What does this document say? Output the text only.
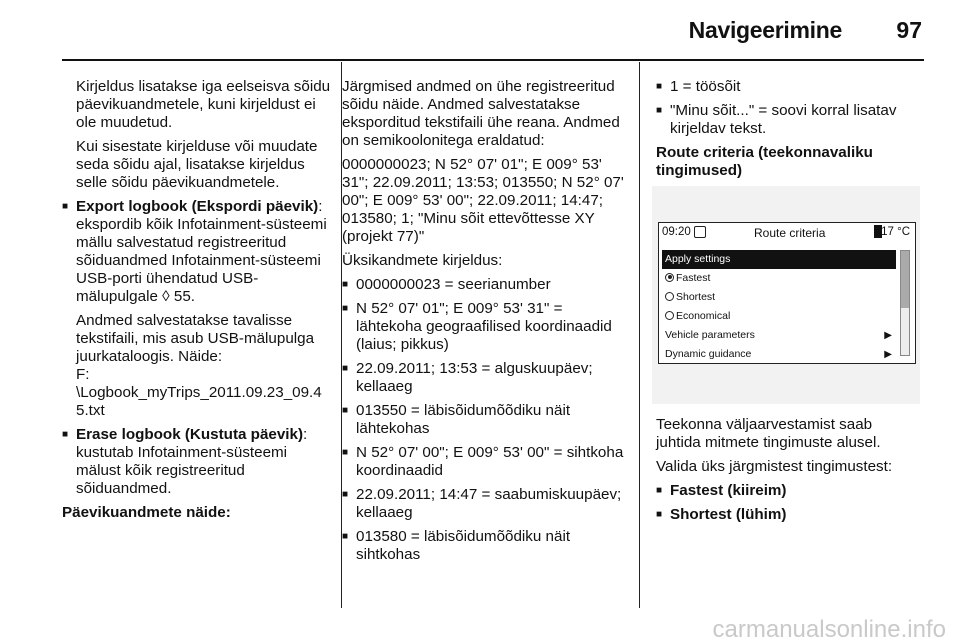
Navigeerimine 97

Kirjeldus lisatakse iga eelseisva sõidu päevikuandmetele, kuni kirjeldust ei ole muudetud.

Kui sisestate kirjelduse või muudate seda sõidu ajal, lisatakse kirjeldus selle sõidu päevikuandmetele.

■ Export logbook (Ekspordi päevik): ekspordib kõik Infotainment-süsteemi mällu salvestatud registreeritud sõiduandmed Infotainment-süsteemi USB-porti ühendatud USB-mälupulgale ◊ 55.

Andmed salvestatakse tavalisse tekstifaili, mis asub USB-mälupulga juurkataloogis. Näide:
F:
\Logbook_myTrips_2011.09.23_09.45.txt

■ Erase logbook (Kustuta päevik): kustutab Infotainment-süsteemi mälust kõik registreeritud sõiduandmed.

Päevikuandmete näide:

Järgmised andmed on ühe registreeritud sõidu näide. Andmed salvestatakse eksporditud tekstifaili ühe reana. Andmed on semikoolonitega eraldatud:

0000000023; N 52° 07' 01"; E 009° 53' 31"; 22.09.2011; 13:53; 013550; N 52° 07' 00"; E 009° 53' 00"; 22.09.2011; 14:47; 013580; 1; "Minu sõit ettevõttesse XY (projekt 77)"

Üksikandmete kirjeldus:

■ 0000000023 = seerianumber
■ N 52° 07' 01"; E 009° 53' 31" = lähtekoha geograafilised koordinaadid (laius; pikkus)
■ 22.09.2011; 13:53 = alguskuupäev; kellaaeg
■ 013550 = läbisõidumõõdiku näit lähtekohas
■ N 52° 07' 00"; E 009° 53' 00" = sihtkoha koordinaadid
■ 22.09.2011; 14:47 = saabumiskuupäev; kellaaeg
■ 013580 = läbisõidumõõdiku näit sihtkohas
■ 1 = töösõit
■ "Minu sõit..." = soovi korral lisatav kirjeldav tekst.

Route criteria (teekonnavaliku tingimused)

09:20	Route criteria	17 °C
Apply settings
Fastest
Shortest
Economical
Vehicle parameters	▶
Dynamic guidance	▶

Teekonna väljaarvestamist saab juhtida mitmete tingimuste alusel.

Valida üks järgmistest tingimustest:

■ Fastest (kiireim)
■ Shortest (lühim)
carmanualsonline.info
